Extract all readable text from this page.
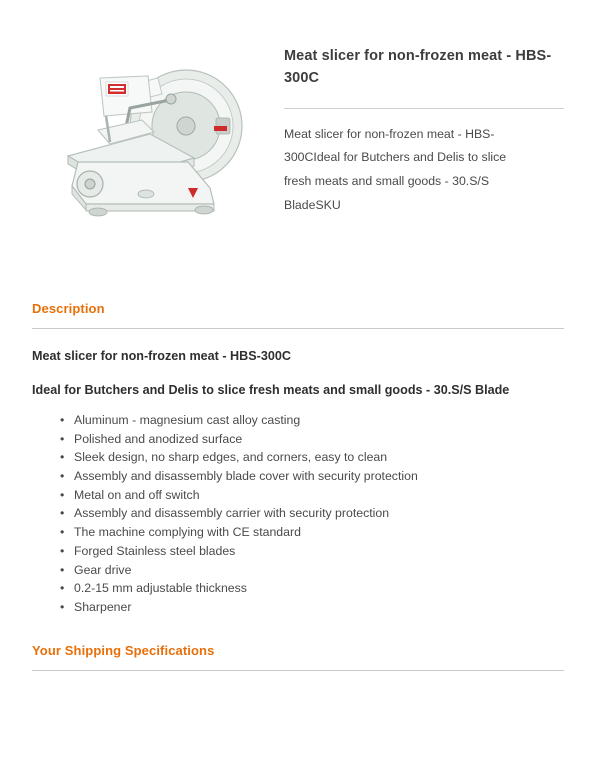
Meat slicer for non-frozen meat - HBS-300C

Meat slicer for non-frozen meat - HBS-300CIdeal for Butchers and Delis to slice fresh meats and small goods - 30.S/S BladeSKU

Description

Meat slicer for non-frozen meat - HBS-300C

Ideal for Butchers and Delis to slice fresh meats and small goods - 30.S/S Blade

• Aluminum - magnesium cast alloy casting
• Polished and anodized surface
• Sleek design, no sharp edges, and corners, easy to clean
• Assembly and disassembly blade cover with security protection
• Metal on and off switch
• Assembly and disassembly carrier with security protection
• The machine complying with CE standard
• Forged Stainless steel blades
• Gear drive
• 0.2-15 mm adjustable thickness
• Sharpener
Your Shipping Specifications
